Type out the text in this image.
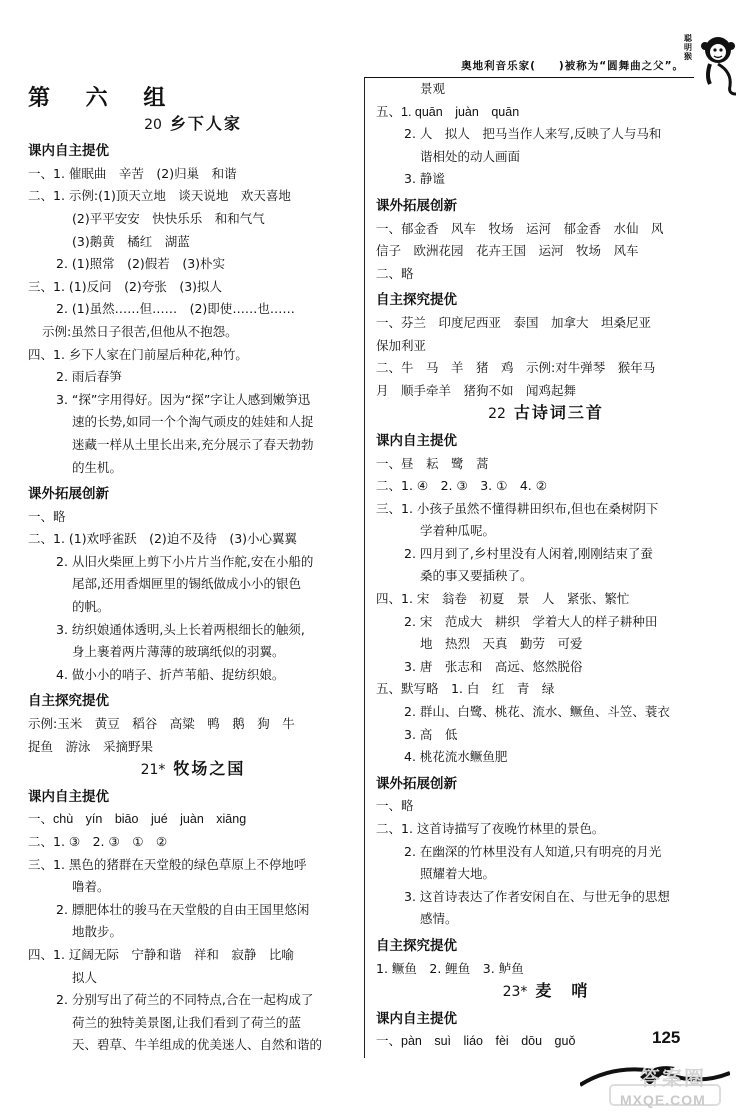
奥地利音乐家(　　)被称为“圆舞曲之父”。
聪明猴
第 六 组
20 乡下人家
课内自主提优
一、1. 催眠曲　辛苦　(2)归巢　和谐
二、1. 示例:(1)顶天立地　谈天说地　欢天喜地
(2)平平安安　快快乐乐　和和气气
(3)鹅黄　橘红　湖蓝
2. (1)照常　(2)假若　(3)朴实
三、1. (1)反问　(2)夸张　(3)拟人
2. (1)虽然……但……　(2)即使……也……
示例:虽然日子很苦,但他从不抱怨。
四、1. 乡下人家在门前屋后种花,种竹。
2. 雨后春笋
3. “探”字用得好。因为“探”字让人感到嫩笋迅
速的长势,如同一个个淘气顽皮的娃娃和人捉
迷藏一样从土里长出来,充分展示了春天勃勃
的生机。
课外拓展创新
一、略
二、1. (1)欢呼雀跃　(2)迫不及待　(3)小心翼翼
2. 从旧火柴匣上剪下小片片当作舵,安在小船的
尾部,还用香烟匣里的锡纸做成小小的银色
的帆。
3. 纺织娘通体透明,头上长着两根细长的触须,
身上裹着两片薄薄的玻璃纸似的羽翼。
4. 做小小的哨子、折芦苇船、捉纺织娘。
自主探究提优
示例:玉米　黄豆　稻谷　高粱　鸭　鹅　狗　牛
捉鱼　游泳　采摘野果
21* 牧场之国
课内自主提优
一、chù　yín　biāo　jué　juàn　xiāng
二、1. ③　2. ③　①　②
三、1. 黑色的猪群在天堂般的绿色草原上不停地呼
噜着。
2. 膘肥体壮的骏马在天堂般的自由王国里悠闲
地散步。
四、1. 辽阔无际　宁静和谐　祥和　寂静　比喻
拟人
2. 分别写出了荷兰的不同特点,合在一起构成了
荷兰的独特美景图,让我们看到了荷兰的蓝
天、碧草、牛羊组成的优美迷人、自然和谐的
景观
五、1. quān　juàn　quān
2. 人　拟人　把马当作人来写,反映了人与马和
谐相处的动人画面
3. 静谧
课外拓展创新
一、郁金香　风车　牧场　运河　郁金香　水仙　风
信子　欧洲花园　花卉王国　运河　牧场　风车
二、略
自主探究提优
一、芬兰　印度尼西亚　泰国　加拿大　坦桑尼亚
保加利亚
二、牛　马　羊　猪　鸡　示例:对牛弹琴　猴年马
月　顺手牵羊　猪狗不如　闻鸡起舞
22 古诗词三首
课内自主提优
一、昼　耘　鹭　蒿
二、1. ④　2. ③　3. ①　4. ②
三、1. 小孩子虽然不懂得耕田织布,但也在桑树阴下
学着种瓜呢。
2. 四月到了,乡村里没有人闲着,刚刚结束了蚕
桑的事又要插秧了。
四、1. 宋　翁卷　初夏　景　人　紧张、繁忙
2. 宋　范成大　耕织　学着大人的样子耕种田
地　热烈　天真　勤劳　可爱
3. 唐　张志和　高远、悠然脱俗
五、默写略　1. 白　红　青　绿
2. 群山、白鹭、桃花、流水、鳜鱼、斗笠、蓑衣
3. 高　低
4. 桃花流水鳜鱼肥
课外拓展创新
一、略
二、1. 这首诗描写了夜晚竹林里的景色。
2. 在幽深的竹林里没有人知道,只有明亮的月光
照耀着大地。
3. 这首诗表达了作者安闲自在、与世无争的思想
感情。
自主探究提优
1. 鳜鱼　2. 鲤鱼　3. 鲈鱼
23* 麦　哨
课内自主提优
一、pàn　suì　liáo　fèi　dōu　guǒ	125
答案圈
MXQE.COM
